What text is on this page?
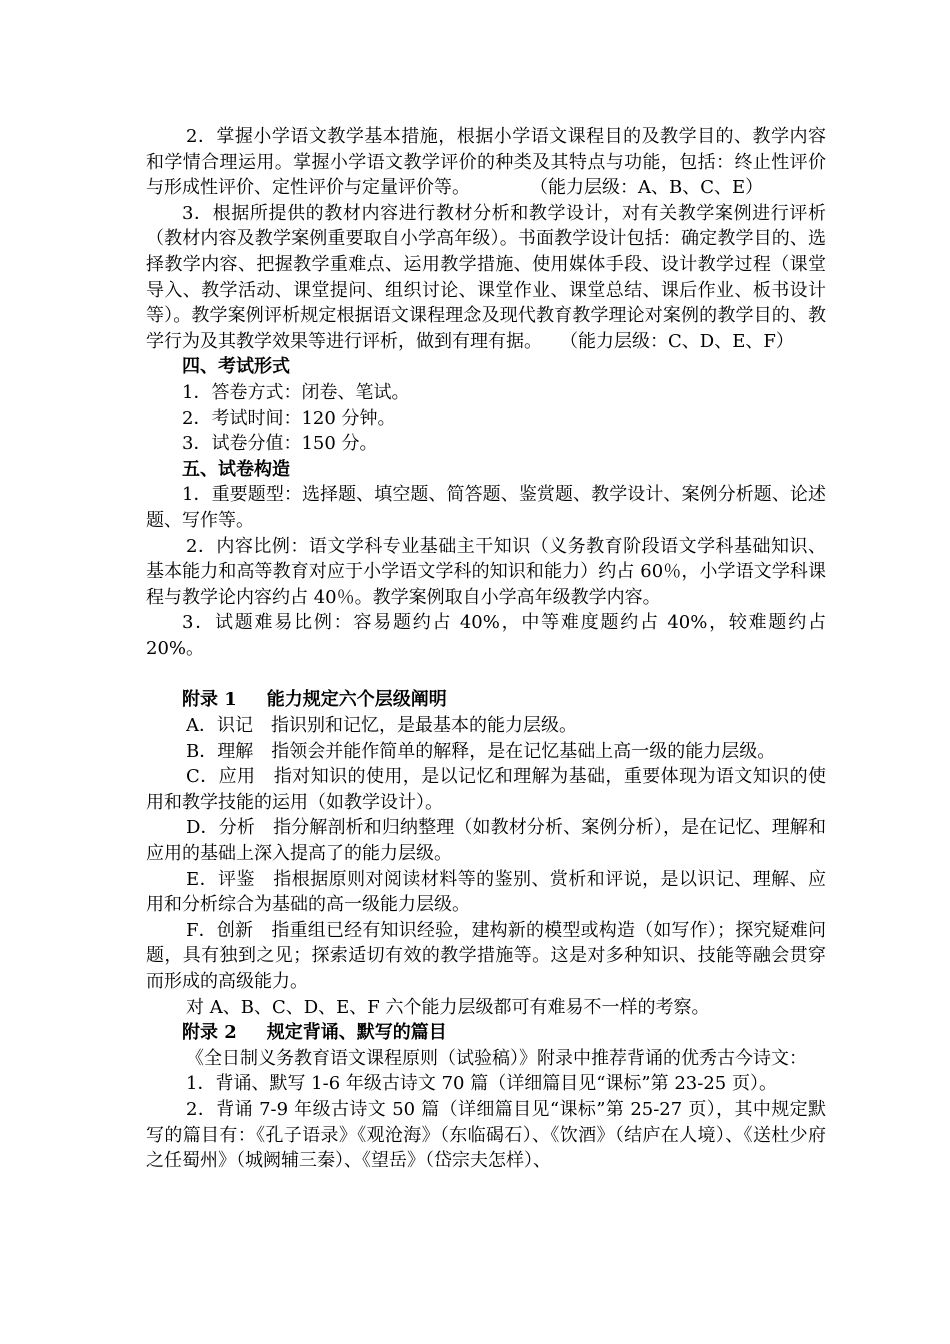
2．掌握小学语文教学基本措施，根据小学语文课程目的及教学目的、教学内容和学情合理运用。掌握小学语文教学评价的种类及其特点与功能，包括：终止性评价与形成性评价、定性评价与定量评价等。	（能力层级：A、B、C、E）

3．根据所提供的教材内容进行教材分析和教学设计，对有关教学案例进行评析（教材内容及教学案例重要取自小学高年级）。书面教学设计包括：确定教学目的、选择教学内容、把握教学重难点、运用教学措施、使用媒体手段、设计教学过程（课堂导入、教学活动、课堂提问、组织讨论、课堂作业、课堂总结、课后作业、板书设计等）。教学案例评析规定根据语文课程理念及现代教育教学理论对案例的教学目的、教学行为及其教学效果等进行评析，做到有理有据。 （能力层级：C、D、E、F）

四、考试形式

1．答卷方式：闭卷、笔试。

2．考试时间：120 分钟。

3．试卷分值：150 分。

五、试卷构造

1．重要题型：选择题、填空题、简答题、鉴赏题、教学设计、案例分析题、论述题、写作等。

2．内容比例：语文学科专业基础主干知识（义务教育阶段语文学科基础知识、基本能力和高等教育对应于小学语文学科的知识和能力）约占 60％，小学语文学科课程与教学论内容约占 40％。教学案例取自小学高年级教学内容。

3．试题难易比例：容易题约占 40%，中等难度题约占 40%，较难题约占20%。

附录 1 能力规定六个层级阐明

A．识记　 指识别和记忆，是最基本的能力层级。

B．理解　 指领会并能作简单的解释，是在记忆基础上高一级的能力层级。

C．应用　 指对知识的使用，是以记忆和理解为基础，重要体现为语文知识的使用和教学技能的运用（如教学设计）。

D．分析　 指分解剖析和归纳整理（如教材分析、案例分析），是在记忆、理解和应用的基础上深入提高了的能力层级。

E．评鉴　 指根据原则对阅读材料等的鉴别、赏析和评说，是以识记、理解、应用和分析综合为基础的高一级能力层级。

F．创新　 指重组已经有知识经验，建构新的模型或构造（如写作）；探究疑难问题，具有独到之见；探索适切有效的教学措施等。这是对多种知识、技能等融会贯穿而形成的高级能力。

对 A、B、C、D、E、F 六个能力层级都可有难易不一样的考察。

附录 2 规定背诵、默写的篇目

《全日制义务教育语文课程原则（试验稿）》附录中推荐背诵的优秀古今诗文：

1．背诵、默写 1-6 年级古诗文 70 篇（详细篇目见“课标”第 23-25 页）。

2．背诵 7-9 年级古诗文 50 篇（详细篇目见“课标”第 25-27 页），其中规定默写的篇目有：《孔子语录》《观沧海》（东临碣石）、《饮酒》（结庐在人境）、《送杜少府之任蜀州》（城阙辅三秦）、《望岳》（岱宗夫怎样）、
